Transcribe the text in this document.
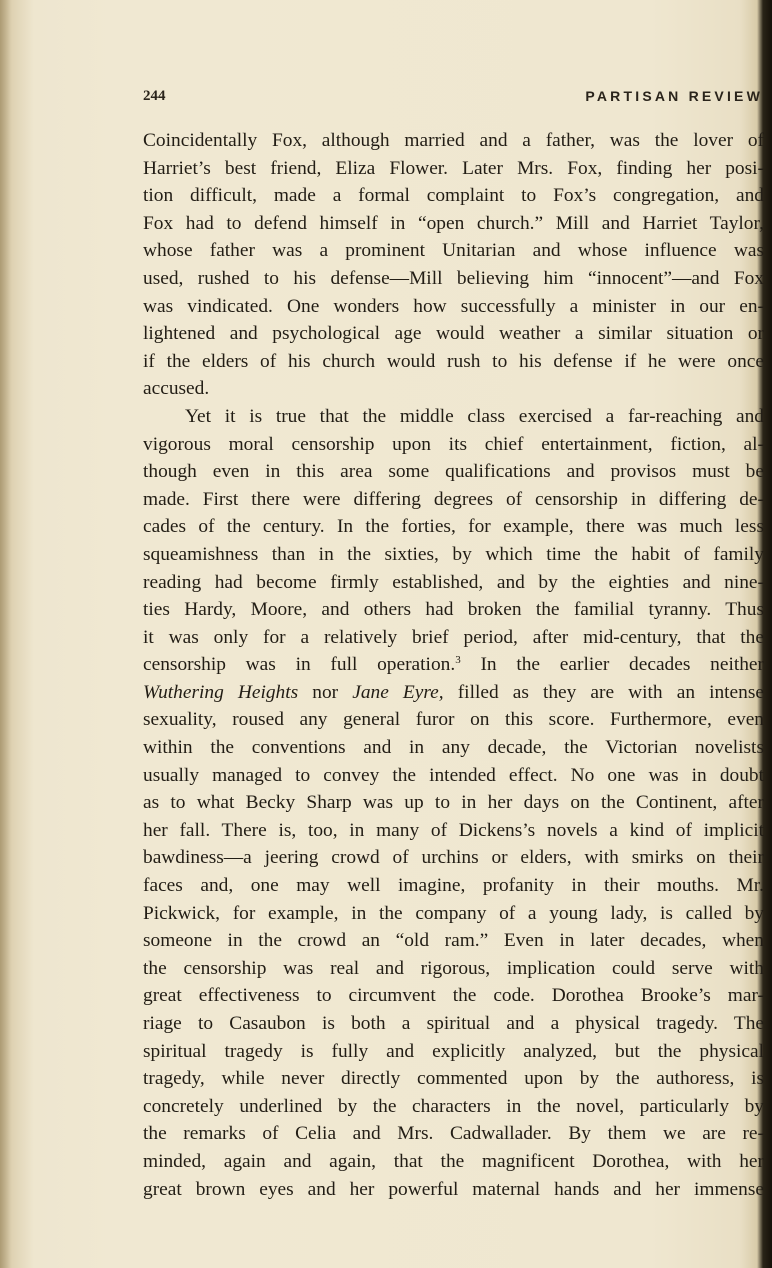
244	PARTISAN REVIEW

Coincidentally Fox, although married and a father, was the lover of
Harriet’s best friend, Eliza Flower. Later Mrs. Fox, finding her posi-
tion difficult, made a formal complaint to Fox’s congregation, and
Fox had to defend himself in “open church.” Mill and Harriet Taylor,
whose father was a prominent Unitarian and whose influence was
used, rushed to his defense—Mill believing him “innocent”—and Fox
was vindicated. One wonders how successfully a minister in our en-
lightened and psychological age would weather a similar situation or
if the elders of his church would rush to his defense if he were once
accused.

Yet it is true that the middle class exercised a far-reaching and
vigorous moral censorship upon its chief entertainment, fiction, al-
though even in this area some qualifications and provisos must be
made. First there were differing degrees of censorship in differing de-
cades of the century. In the forties, for example, there was much less
squeamishness than in the sixties, by which time the habit of family
reading had become firmly established, and by the eighties and nine-
ties Hardy, Moore, and others had broken the familial tyranny. Thus
it was only for a relatively brief period, after mid-century, that the
censorship was in full operation.$^3$ In the earlier decades neither
Wuthering Heights nor Jane Eyre, filled as they are with an intense
sexuality, roused any general furor on this score. Furthermore, even
within the conventions and in any decade, the Victorian novelists
usually managed to convey the intended effect. No one was in doubt
as to what Becky Sharp was up to in her days on the Continent, after
her fall. There is, too, in many of Dickens’s novels a kind of implicit
bawdiness—a jeering crowd of urchins or elders, with smirks on their
faces and, one may well imagine, profanity in their mouths. Mr.
Pickwick, for example, in the company of a young lady, is called by
someone in the crowd an “old ram.” Even in later decades, when
the censorship was real and rigorous, implication could serve with
great effectiveness to circumvent the code. Dorothea Brooke’s mar-
riage to Casaubon is both a spiritual and a physical tragedy. The
spiritual tragedy is fully and explicitly analyzed, but the physical
tragedy, while never directly commented upon by the authoress, is
concretely underlined by the characters in the novel, particularly by
the remarks of Celia and Mrs. Cadwallader. By them we are re-
minded, again and again, that the magnificent Dorothea, with her
great brown eyes and her powerful maternal hands and her immense
